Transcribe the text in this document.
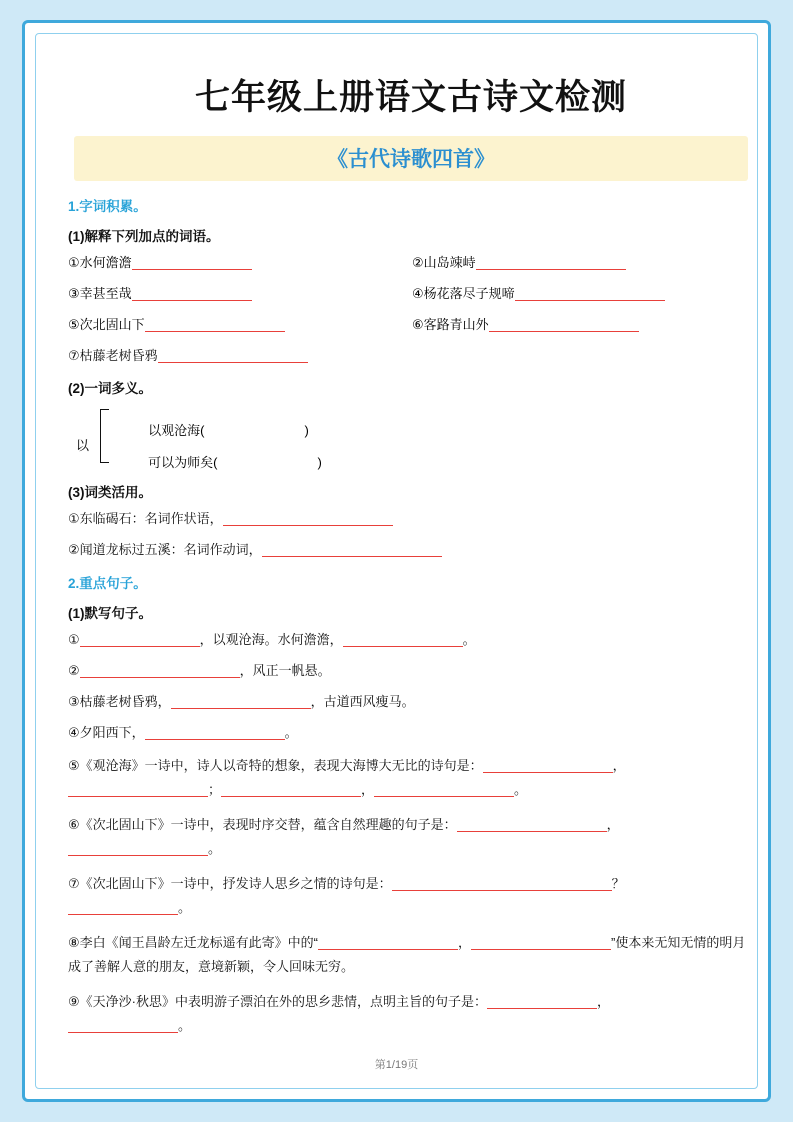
七年级上册语文古诗文检测
《古代诗歌四首》
1.字词积累。
(1)解释下列加点的词语。
①水何澹澹	②山岛竦峙
③幸甚至哉	④杨花落尽子规啼
⑤次北固山下	⑥客路青山外
⑦枯藤老树昏鸦
(2)一词多义。
以

以观沧海(	)

可以为师矣(	)

(3)词类活用。
①东临碣石：名词作状语，
②闻道龙标过五溪：名词作动词，
2.重点句子。
(1)默写句子。
①	，以观沧海。水何澹澹，	。
②	，风正一帆悬。
③枯藤老树昏鸦，	，古道西风瘦马。
④夕阳西下，	。
⑤《观沧海》一诗中，诗人以奇特的想象，表现大海博大无比的诗句是：	，
；	，	。
⑥《次北固山下》一诗中，表现时序交替，蕴含自然理趣的句子是：	，
。
⑦《次北固山下》一诗中，抒发诗人思乡之情的诗句是：	？
。
⑧李白《闻王昌龄左迁龙标遥有此寄》中的“	，	”使本来无知无情的明月成了善解人意的朋友，意境新颖，令人回味无穷。
⑨《天净沙·秋思》中表明游子漂泊在外的思乡悲情，点明主旨的句子是：	，
。
第1/19页
